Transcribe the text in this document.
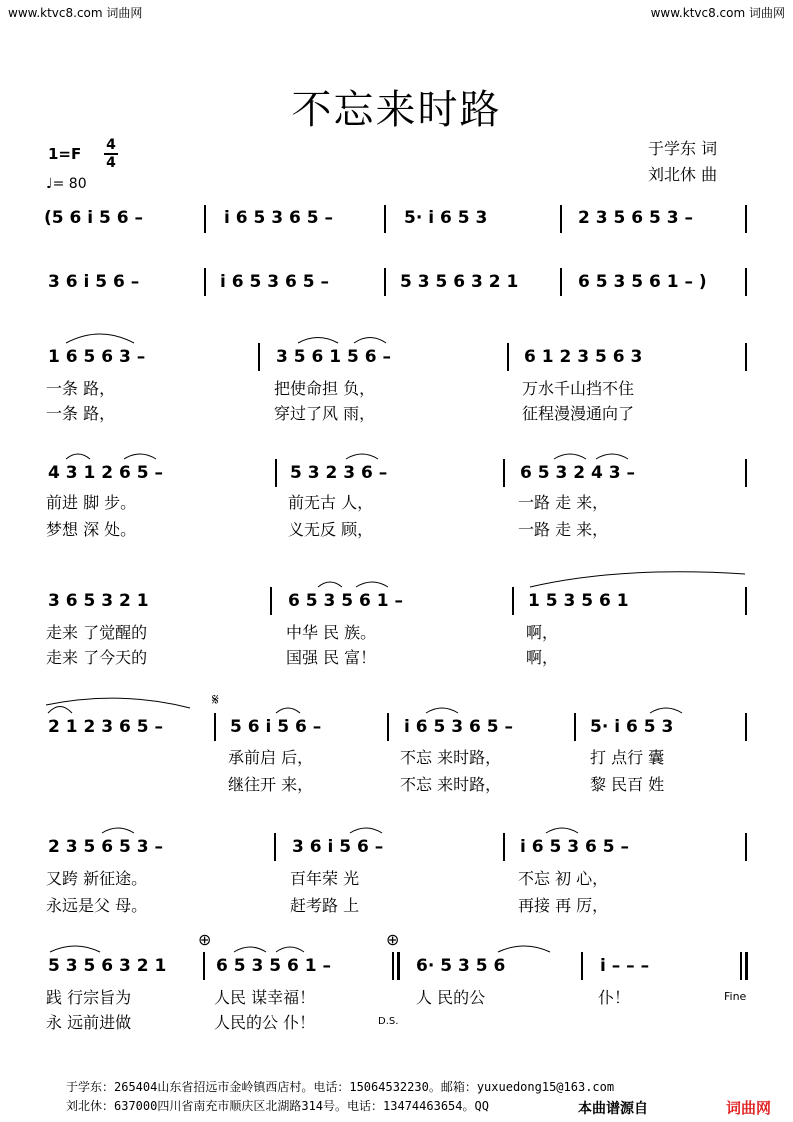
www.ktvc8.com 词曲网	www.ktvc8.com 词曲网
不忘来时路
1=F 4
4
♩= 80
于学东 词
刘北休 曲
(5 6 i 5 6 –	i 6 5 3 6 5 –	5· i 6 5 3	2 3 5 6 5 3 –
3 6 i 5 6 –	i 6 5 3 6 5 –	5 3 5 6 3 2 1	6 5 3 5 6 1 – )
1 6 5 6 3 –	3 5 6 1 5 6 –	6 1 2 3 5 6 3
一条 路，	把使命担 负，	万水千山挡不住
一条 路，	穿过了风 雨，	征程漫漫通向了
4 3 1 2 6 5 –	5 3 2 3 6 –	6 5 3 2 4 3 –
前进 脚 步。	前无古 人，	一路 走 来，
梦想 深 处。	义无反 顾，	一路 走 来，
3 6 5 3 2 1	6 5 3 5 6 1 –	1 5 3 5 6 1
走来 了觉醒的	中华 民 族。	啊，
走来 了今天的	国强 民 富！	啊，
𝄋
2 1 2 3 6 5 –	5 6 i 5 6 –	i 6 5 3 6 5 –	5· i 6 5 3
承前启 后，	不忘 来时路，	打 点行 囊
继往开 来，	不忘 来时路，	黎 民百 姓
2 3 5 6 5 3 –	3 6 i 5 6 –	i 6 5 3 6 5 –
又跨 新征途。	百年荣 光	不忘 初 心，
永远是父 母。	赶考路 上	再接 再 厉，
⊕	⊕
5 3 5 6 3 2 1	6 5 3 5 6 1 –	6· 5 3 5 6	i – – –
践 行宗旨为	人民 谋幸福！	人 民的公	仆！
永 远前进做	人民的公 仆！	D.S.
Fine
于学东：265404山东省招远市金岭镇西店村。电话：15064532230。邮箱：yuxuedong15@163.com
刘北休：637000四川省南充市顺庆区北湖路314号。电话：13474463654。QQ	本曲谱源自	词曲网
